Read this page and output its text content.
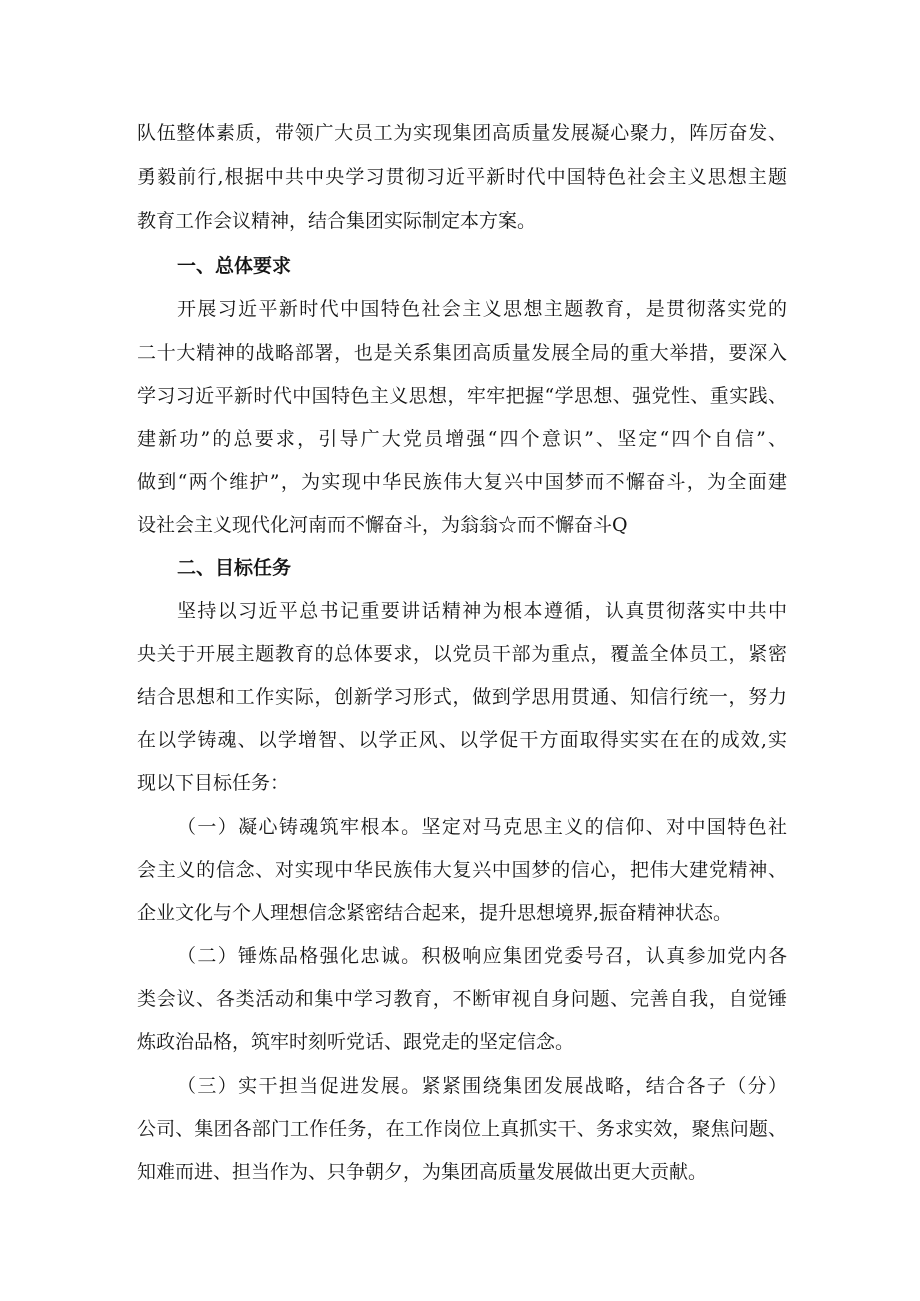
队伍整体素质，带领广大员工为实现集团高质量发展凝心聚力，阵厉奋发、
勇毅前行,根据中共中央学习贯彻习近平新时代中国特色社会主义思想主题
教育工作会议精神，结合集团实际制定本方案。
一、总体要求
开展习近平新时代中国特色社会主义思想主题教育，是贯彻落实党的
二十大精神的战略部署，也是关系集团高质量发展全局的重大举措，要深入
学习习近平新时代中国特色主义思想，牢牢把握“学思想、强党性、重实践、
建新功”的总要求，引导广大党员增强“四个意识”、坚定“四个自信”、
做到“两个维护”，为实现中华民族伟大复兴中国梦而不懈奋斗，为全面建
设社会主义现代化河南而不懈奋斗，为翁翁☆而不懈奋斗Q
二、目标任务
坚持以习近平总书记重要讲话精神为根本遵循，认真贯彻落实中共中
央关于开展主题教育的总体要求，以党员干部为重点，覆盖全体员工，紧密
结合思想和工作实际，创新学习形式，做到学思用贯通、知信行统一，努力
在以学铸魂、以学增智、以学正风、以学促干方面取得实实在在的成效,实
现以下目标任务：
（一）凝心铸魂筑牢根本。坚定对马克思主义的信仰、对中国特色社
会主义的信念、对实现中华民族伟大复兴中国梦的信心，把伟大建党精神、
企业文化与个人理想信念紧密结合起来，提升思想境界,振奋精神状态。
（二）锤炼品格强化忠诚。积极响应集团党委号召，认真参加党内各
类会议、各类活动和集中学习教育，不断审视自身问题、完善自我，自觉锤
炼政治品格，筑牢时刻听党话、跟党走的坚定信念。
（三）实干担当促进发展。紧紧围绕集团发展战略，结合各子（分）
公司、集团各部门工作任务，在工作岗位上真抓实干、务求实效，聚焦问题、
知难而进、担当作为、只争朝夕，为集团高质量发展做出更大贡献。
